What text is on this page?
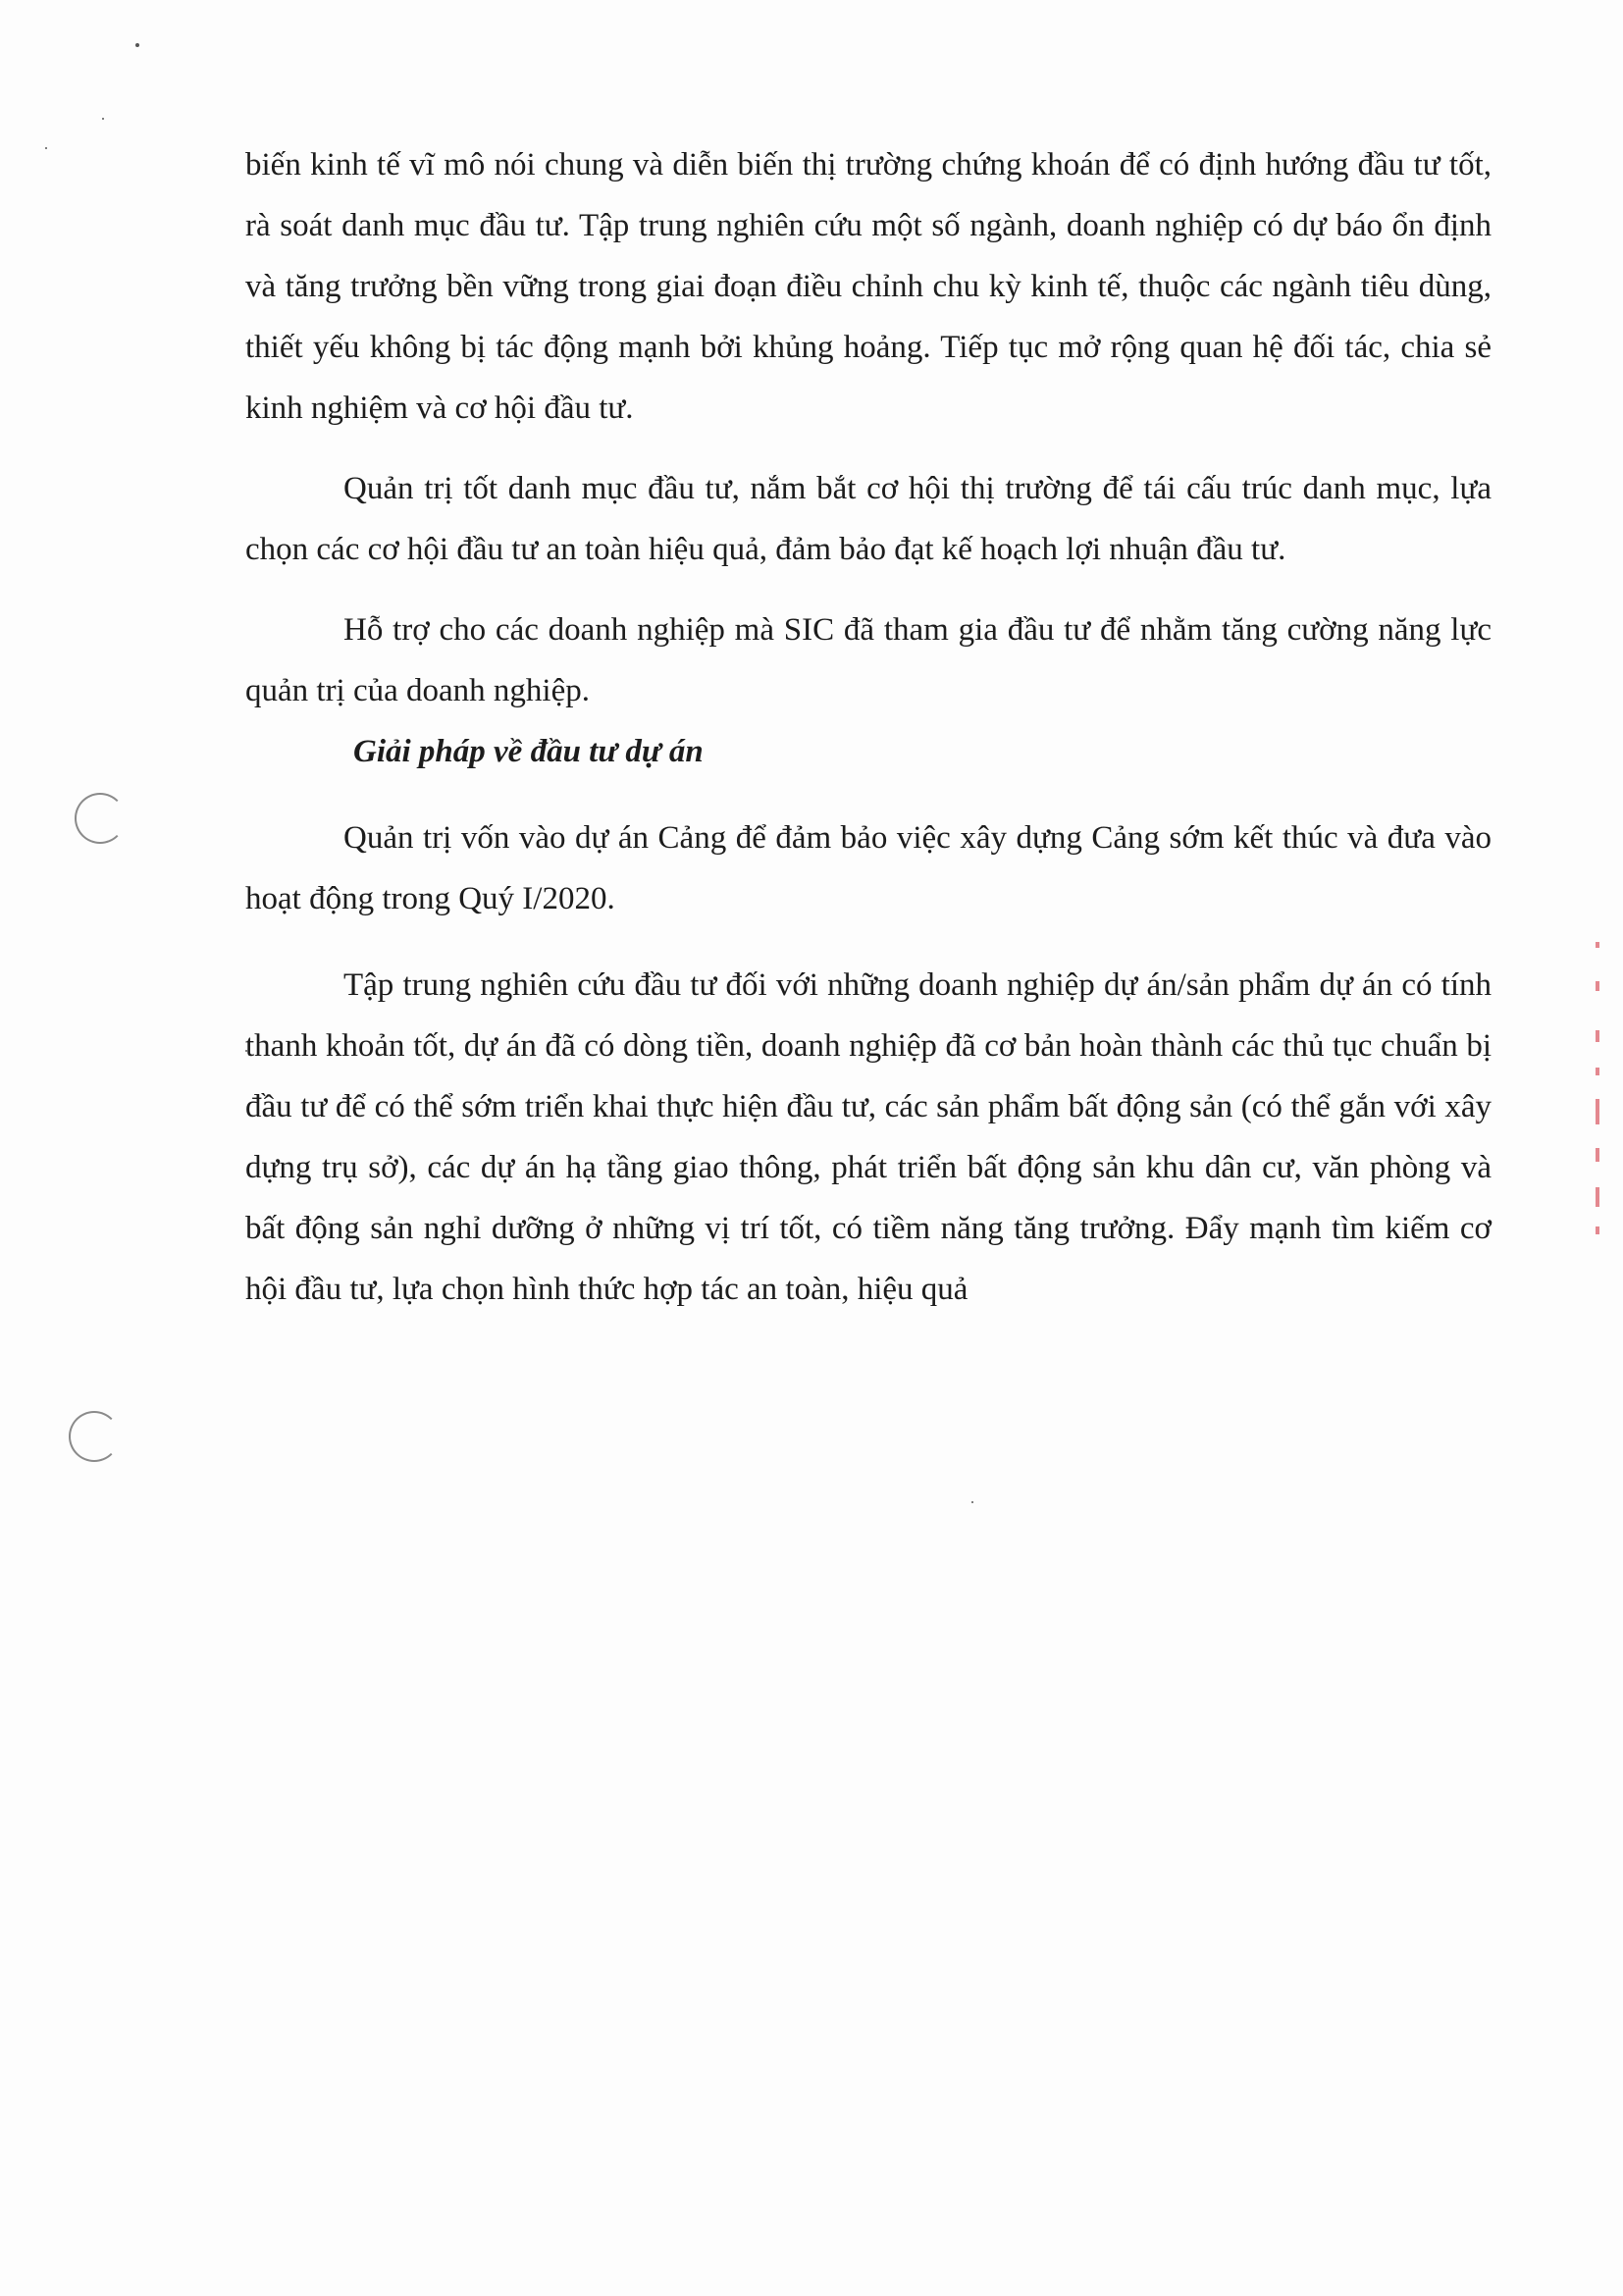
biến kinh tế vĩ mô nói chung và diễn biến thị trường chứng khoán để có định hướng đầu tư tốt, rà soát danh mục đầu tư. Tập trung nghiên cứu một số ngành, doanh nghiệp có dự báo ổn định và tăng trưởng bền vững trong giai đoạn điều chỉnh chu kỳ kinh tế, thuộc các ngành tiêu dùng, thiết yếu không bị tác động mạnh bởi khủng hoảng. Tiếp tục mở rộng quan hệ đối tác, chia sẻ kinh nghiệm và cơ hội đầu tư.

Quản trị tốt danh mục đầu tư, nắm bắt cơ hội thị trường để tái cấu trúc danh mục, lựa chọn các cơ hội đầu tư an toàn hiệu quả, đảm bảo đạt kế hoạch lợi nhuận đầu tư.

Hỗ trợ cho các doanh nghiệp mà SIC đã tham gia đầu tư để nhằm tăng cường năng lực quản trị của doanh nghiệp.

Giải pháp về đầu tư dự án

Quản trị vốn vào dự án Cảng để đảm bảo việc xây dựng Cảng sớm kết thúc và đưa vào hoạt động trong Quý I/2020.

Tập trung nghiên cứu đầu tư đối với những doanh nghiệp dự án/sản phẩm dự án có tính thanh khoản tốt, dự án đã có dòng tiền, doanh nghiệp đã cơ bản hoàn thành các thủ tục chuẩn bị đầu tư để có thể sớm triển khai thực hiện đầu tư, các sản phẩm bất động sản (có thể gắn với xây dựng trụ sở), các dự án hạ tầng giao thông, phát triển bất động sản khu dân cư, văn phòng và bất động sản nghỉ dưỡng ở những vị trí tốt, có tiềm năng tăng trưởng. Đẩy mạnh tìm kiếm cơ hội đầu tư, lựa chọn hình thức hợp tác an toàn, hiệu quả
